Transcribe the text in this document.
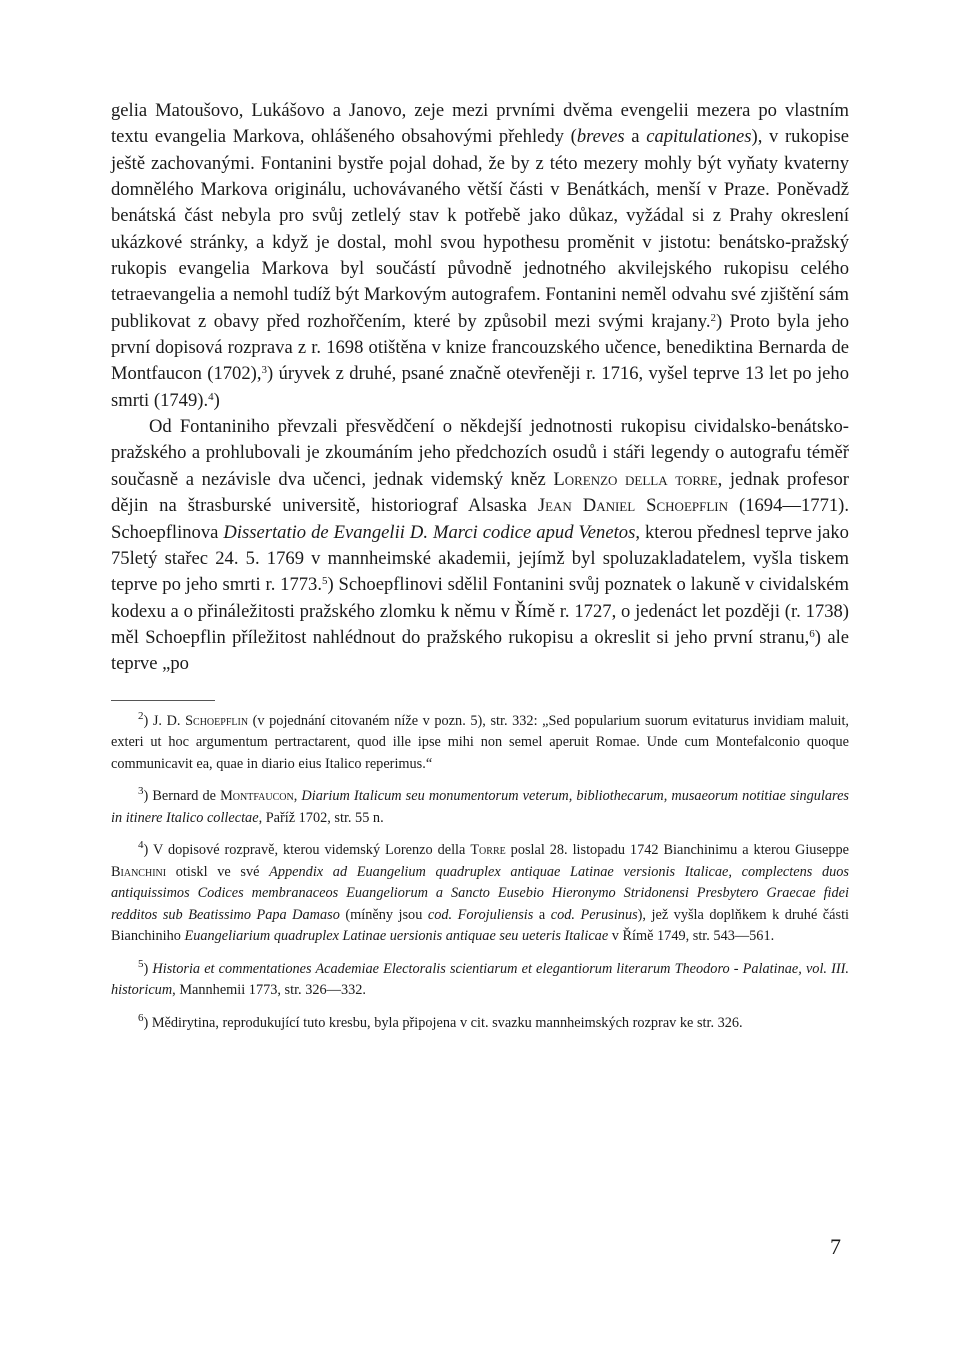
gelia Matoušovo, Lukášovo a Janovo, zeje mezi prvními dvěma evengelii mezera po vlastním textu evangelia Markova, ohlášeného obsahovými přehledy (breves a capitulationes), v rukopise ještě zachovanými. Fontanini bystře pojal dohad, že by z této mezery mohly být vyňaty kvaterny domnělého Markova originálu, uchovávaného větší části v Benátkách, menší v Praze. Poněvadž benátská část nebyla pro svůj zetlelý stav k potřebě jako důkaz, vyžádal si z Prahy okreslení ukázkové stránky, a když je dostal, mohl svou hypothesu proměnit v jistotu: benátsko-pražský rukopis evangelia Markova byl součástí původně jednotného akvilejského rukopisu celého tetraevangelia a nemohl tudíž být Markovým autografem. Fontanini neměl odvahu své zjištění sám publikovat z obavy před rozhořčením, které by způsobil mezi svými krajany.$^2$) Proto byla jeho první dopisová rozprava z r. 1698 otištěna v knize francouzského učence, benediktina Bernarda de Montfaucon (1702),$^3$) úryvek z druhé, psané značně otevřeněji r. 1716, vyšel teprve 13 let po jeho smrti (1749).$^4$)

Od Fontaniniho převzali přesvědčení o někdejší jednotnosti rukopisu cividalsko-benátsko-pražského a prohlubovali je zkoumáním jeho předchozích osudů i stáři legendy o autografu téměř současně a nezávisle dva učenci, jednak videmský kněz Lorenzo della torre, jednak profesor dějin na štrasburské universitě, historiograf Alsaska Jean Daniel Schoepflin (1694—1771). Schoepflinova Dissertatio de Evangelii D. Marci codice apud Venetos, kterou přednesl teprve jako 75letý stařec 24. 5. 1769 v mannheimské akademii, jejímž byl spoluzakladatelem, vyšla tiskem teprve po jeho smrti r. 1773.$^5$) Schoepflinovi sdělil Fontanini svůj poznatek o lakuně v cividalském kodexu a o přináležitosti pražského zlomku k němu v Římě r. 1727, o jedenáct let později (r. 1738) měl Schoepflin příležitost nahlédnout do pražského rukopisu a okreslit si jeho první stranu,$^6$) ale teprve „po

$^2$) J. D. Schoepflin (v pojednání citovaném níže v pozn. 5), str. 332: „Sed popularium suorum evitaturus invidiam maluit, exteri ut hoc argumentum pertractarent, quod ille ipse mihi non semel aperuit Romae. Unde cum Montefalconio quoque communicavit ea, quae in diario eius Italico reperimus.“

$^3$) Bernard de Montfaucon, Diarium Italicum seu monumentorum veterum, bibliothecarum, musaeorum notitiae singulares in itinere Italico collectae, Paříž 1702, str. 55 n.

$^4$) V dopisové rozpravě, kterou videmský Lorenzo della Torre poslal 28. listopadu 1742 Bianchinimu a kterou Giuseppe Bianchini otiskl ve své Appendix ad Euangelium quadruplex antiquae Latinae versionis Italicae, complectens duos antiquissimos Codices membranaceos Euangeliorum a Sancto Eusebio Hieronymo Stridonensi Presbytero Graecae fidei redditos sub Beatissimo Papa Damaso (míněny jsou cod. Forojuliensis a cod. Perusinus), jež vyšla doplňkem k druhé části Bianchiniho Euangeliarium quadruplex Latinae uersionis antiquae seu ueteris Italicae v Římě 1749, str. 543—561.

$^5$) Historia et commentationes Academiae Electoralis scientiarum et elegantiorum literarum Theodoro - Palatinae, vol. III. historicum, Mannhemii 1773, str. 326—332.

$^6$) Mědirytina, reprodukující tuto kresbu, byla připojena v cit. svazku mannheimských rozprav ke str. 326.

7
